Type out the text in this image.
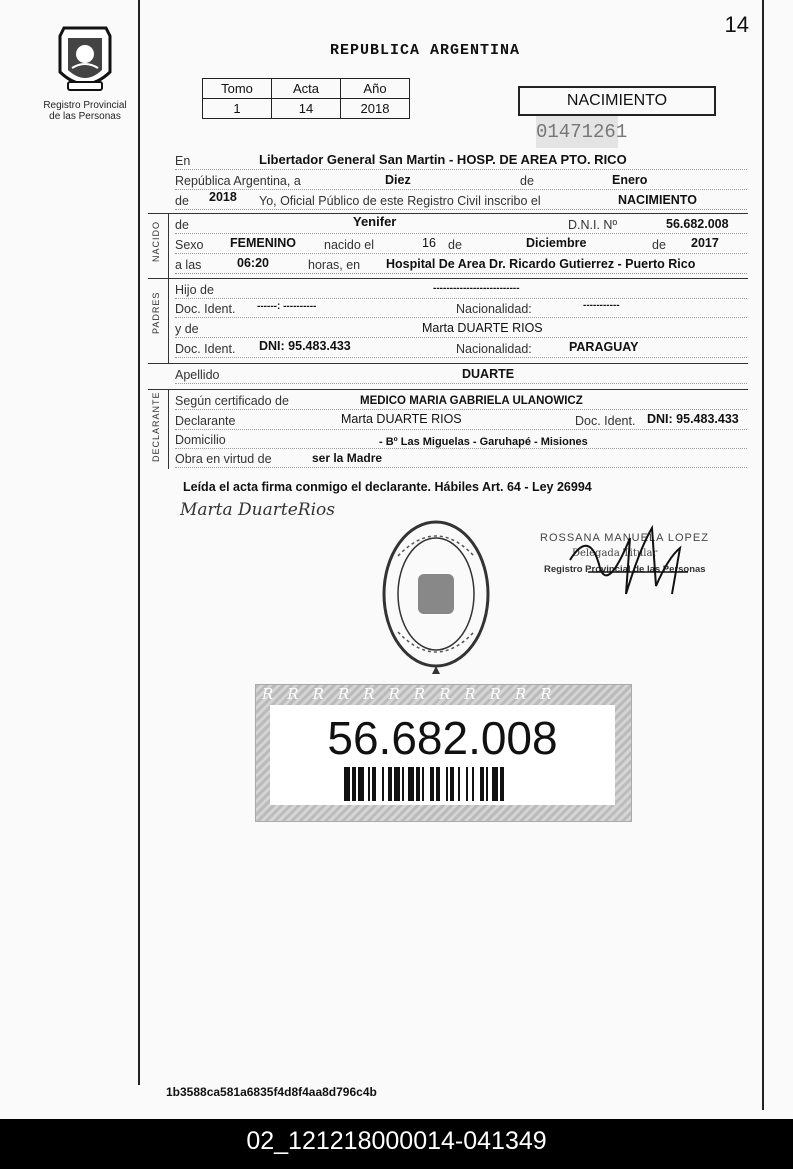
Registro Provincial
de las Personas
14
REPUBLICA ARGENTINA
Tomo	Acta	Año
1	14	2018	NACIMIENTO
01471261
En	Libertador General San Martin - HOSP. DE AREA PTO. RICO
República Argentina, a	Diez	de	Enero
de 2018 Yo, Oficial Público de este Registro Civil inscribo el	NACIMIENTO
NACIDO de	Yenifer	D.N.I. Nº	56.682.008
Sexo FEMENINO nacido el	16 de	Diciembre	de 2017
a las	06:20	horas, en Hospital De Area Dr. Ricardo Gutierrez - Puerto Rico
PADRES
Hijo de	--------------------------
Doc. Ident. ------: ----------	Nacionalidad:	-----------
y de	Marta DUARTE RIOS
Doc. Ident. DNI: 95.483.433	Nacionalidad:	PARAGUAY
Apellido	DUARTE
DECLARANTE Según certificado de	MEDICO MARIA GABRIELA ULANOWICZ
Declarante	Marta DUARTE RIOS	Doc. Ident. DNI: 95.483.433
Domicilio	- Bº Las Miguelas - Garuhapé - Misiones
Obra en virtud de	ser la Madre
Leída el acta firma conmigo el declarante. Hábiles Art. 64 - Ley 26994
Marta DuarteRios
ROSSANA MANUELA LOPEZ
Delegada Titular
Registro Provincial de las Personas
RRRRRRRRRRRR
56.682.008
1b3588ca581a6835f4d8f4aa8d796c4b
02_121218000014-041349
